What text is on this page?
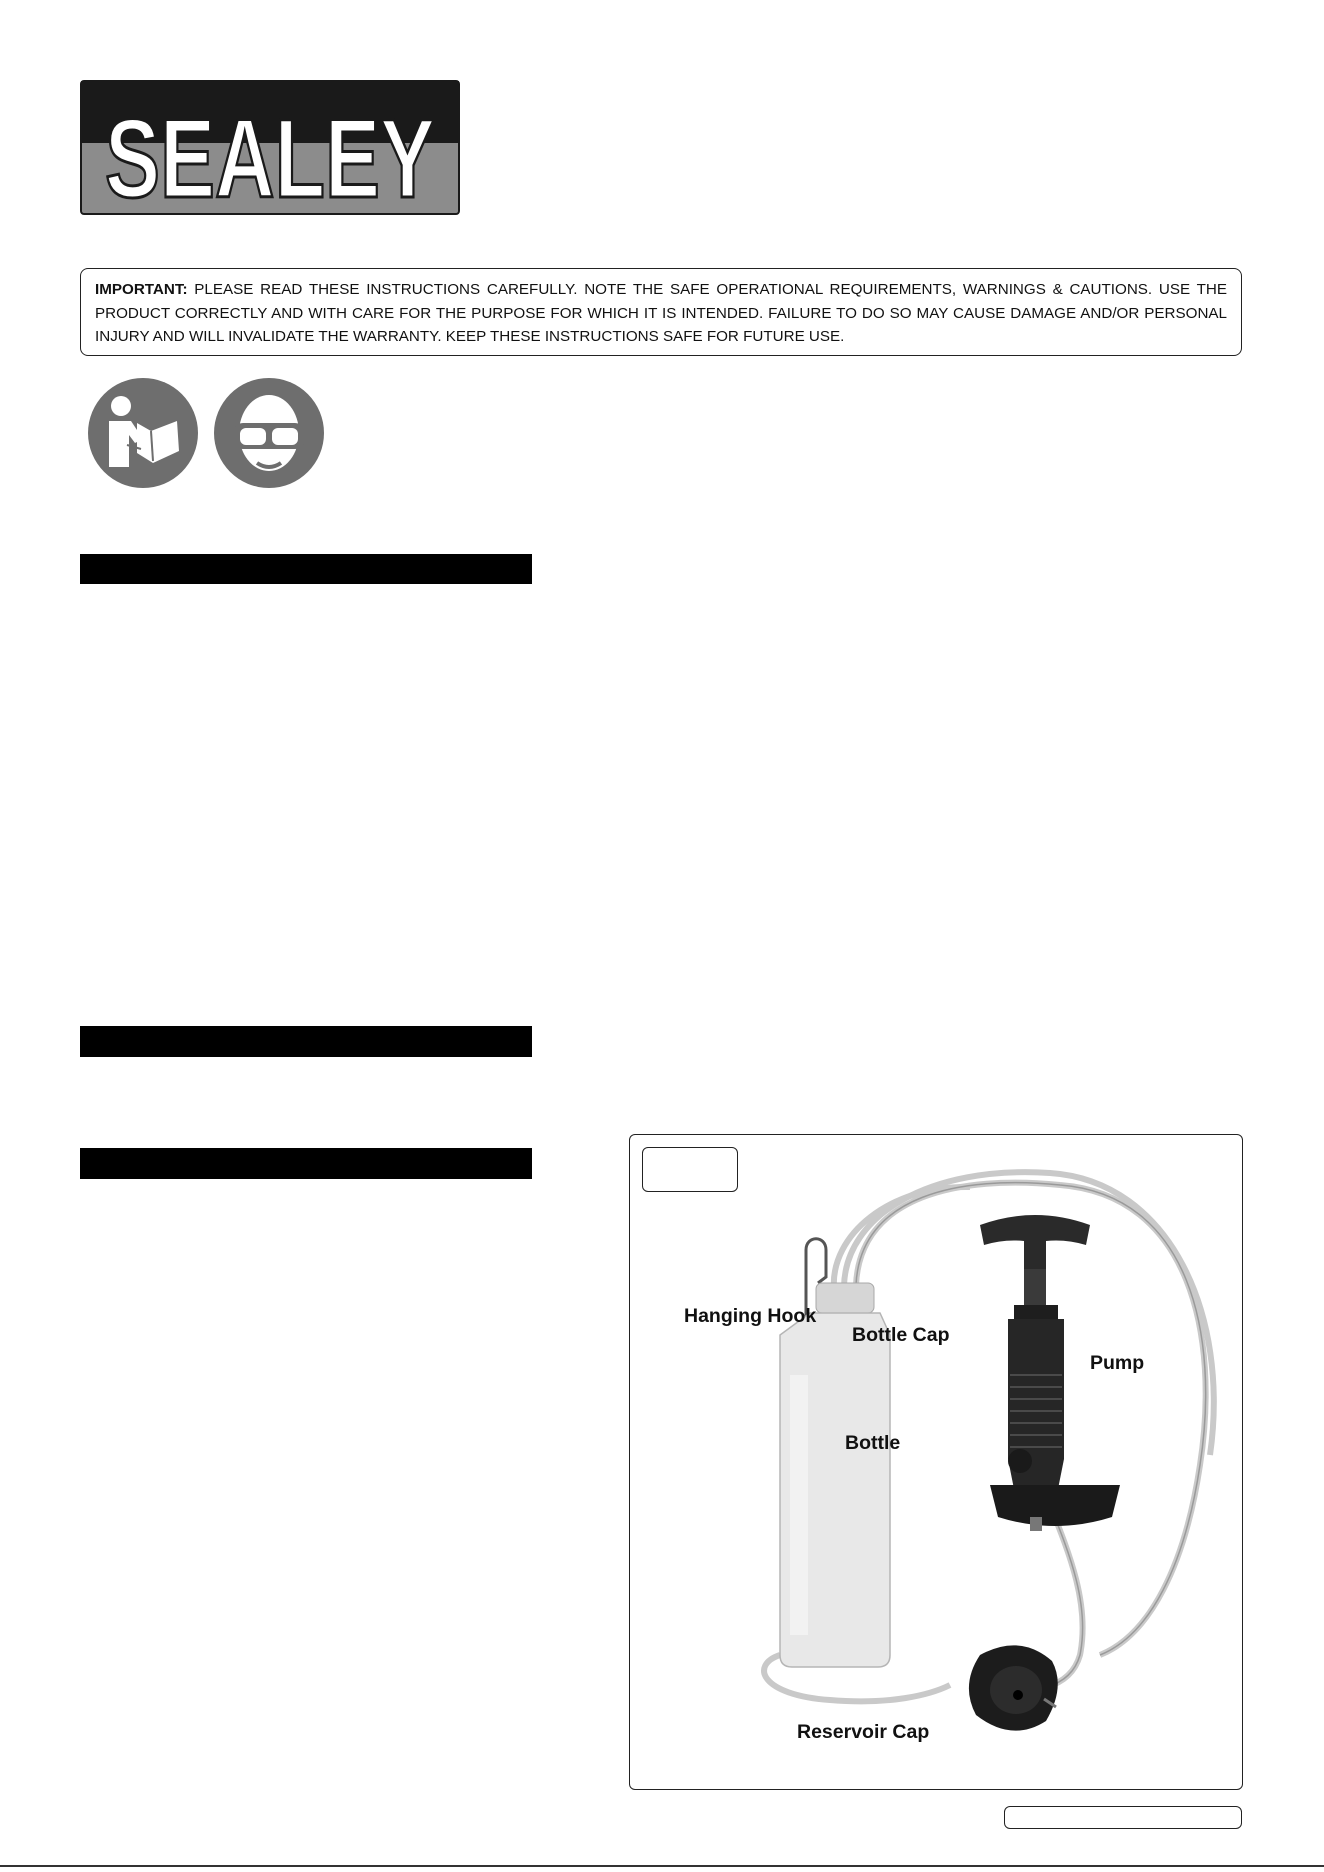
SEALEY
IMPORTANT: PLEASE READ THESE INSTRUCTIONS CAREFULLY. NOTE THE SAFE OPERATIONAL REQUIREMENTS, WARNINGS & CAUTIONS. USE THE PRODUCT CORRECTLY AND WITH CARE FOR THE PURPOSE FOR WHICH IT IS INTENDED. FAILURE TO DO SO MAY CAUSE DAMAGE AND/OR PERSONAL INJURY AND WILL INVALIDATE THE WARRANTY. KEEP THESE INSTRUCTIONS SAFE FOR FUTURE USE.
Hanging Hook
Bottle Cap
Pump
Bottle
Reservoir Cap
